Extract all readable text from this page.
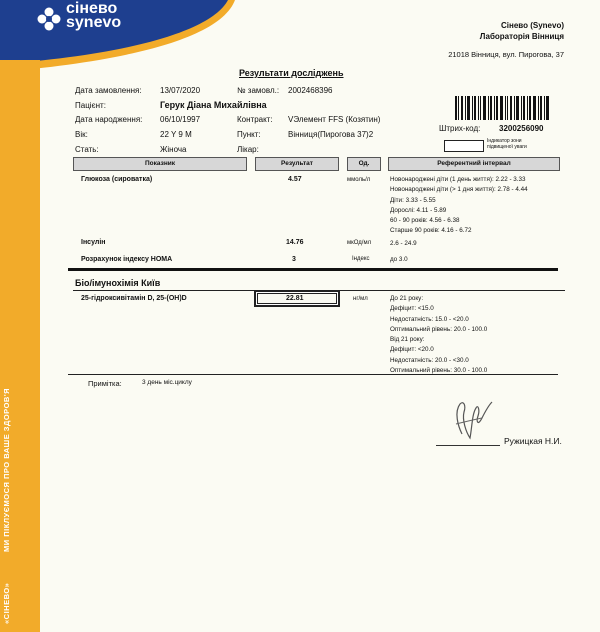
сінево
synevo
МИ ПІКЛУЄМОСЯ ПРО ВАШЕ ЗДОРОВ'Я
«СІНЕВО»
Сінево (Synevo)
Лабораторія Вінниця
21018 Вінниця, вул. Пирогова, 37
Результати досліджень
Дата замовлення: 13/07/2020	№ замовл.: 2002468396
Пацієнт:	Герук Діана Михайлівна
Дата народження: 06/10/1997	Контракт: VЭлемент FFS (Козятин)
Вік:	22 Y 9 M	Пункт:	Вінниця(Пирогова 37)2
Стать:	Жіноча	Лікар:
Штрих-код: 3200256090
Індикатор зони підвищеної уваги
Показник	Результат	Од.	Референтний інтервал
Глюкоза (сироватка)	4.57	ммоль/л	Новонароджені діти (1 день життя): 2.22 - 3.33
Новонароджені діти (> 1 дня життя): 2.78 - 4.44
Діти: 3.33 - 5.55
Дорослі: 4.11 - 5.89
60 - 90 років: 4.56 - 6.38
Старше 90 років: 4.16 - 6.72
Інсулін	14.76	мкОд/мл	2.6 - 24.9
Розрахунок індексу НОМА	3	Індекс	до 3.0
Біо/імунохімія Київ
25-гідроксивітамін D, 25-(OH)D	22.81	нг/мл	До 21 року:
Дефіцит: <15.0
Недостатність: 15.0 - <20.0
Оптимальний рівень: 20.0 - 100.0
Від 21 року:
Дефіцит: <20.0
Недостатність: 20.0 - <30.0
Оптимальний рівень: 30.0 - 100.0
Примітка:	3 день міс.циклу
Ружицкая Н.И.
